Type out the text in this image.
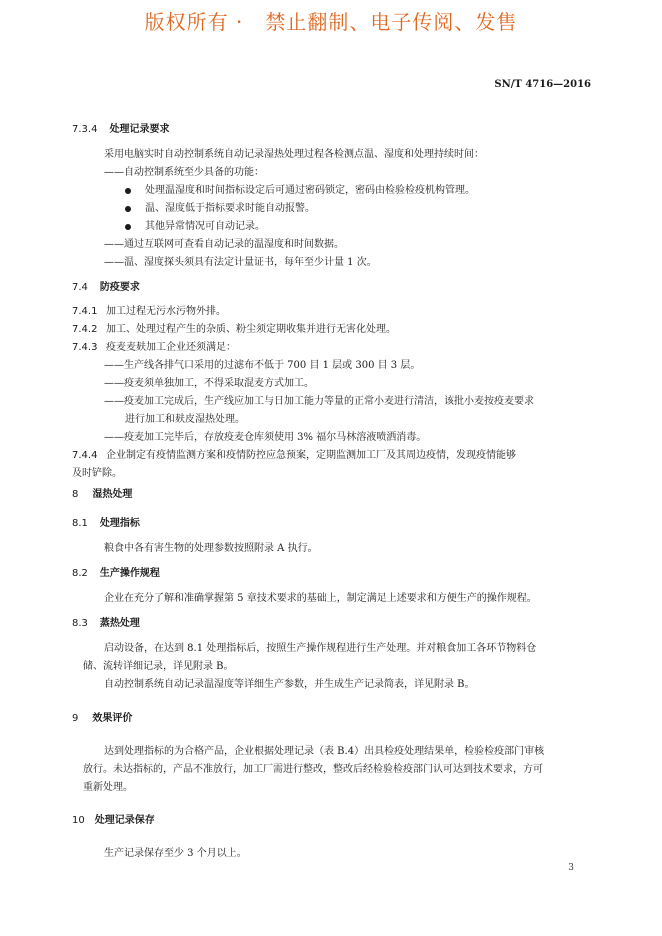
版权所有 ·   禁止翻制、电子传阅、发售
SN/T 4716—2016
7.3.4 处理记录要求
采用电脑实时自动控制系统自动记录湿热处理过程各检测点温、湿度和处理持续时间：
——自动控制系统至少具备的功能：
处理温湿度和时间指标设定后可通过密码锁定，密码由检验检疫机构管理。
温、湿度低于指标要求时能自动报警。
其他异常情况可自动记录。
——通过互联网可查看自动记录的温湿度和时间数据。
——温、湿度探头须具有法定计量证书，每年至少计量 1 次。
7.4 防疫要求
7.4.1 加工过程无污水污物外排。
7.4.2 加工、处理过程产生的杂质、粉尘须定期收集并进行无害化处理。
7.4.3 疫麦麦麸加工企业还须满足：
——生产线各排气口采用的过滤布不低于 700 目 1 层或 300 目 3 层。
——疫麦须单独加工，不得采取混麦方式加工。
——疫麦加工完成后，生产线应加工与日加工能力等量的正常小麦进行清洁，该批小麦按疫麦要求
进行加工和麸皮湿热处理。
——疫麦加工完毕后，存放疫麦仓库须使用 3% 福尔马林溶液喷洒消毒。
7.4.4 企业制定有疫情监测方案和疫情防控应急预案，定期监测加工厂及其周边疫情，发现疫情能够
及时铲除。
8 湿热处理
8.1 处理指标
粮食中各有害生物的处理参数按照附录 A 执行。
8.2 生产操作规程
企业在充分了解和准确掌握第 5 章技术要求的基础上，制定满足上述要求和方便生产的操作规程。
8.3 蒸热处理
启动设备，在达到 8.1 处理指标后，按照生产操作规程进行生产处理。并对粮食加工各环节物料仓
储、流转详细记录，详见附录 B。
自动控制系统自动记录温湿度等详细生产参数，并生成生产记录简表，详见附录 B。
9 效果评价
达到处理指标的为合格产品，企业根据处理记录（表 B.4）出具检疫处理结果单，检验检疫部门审核
放行。未达指标的，产品不准放行，加工厂需进行整改，整改后经检验检疫部门认可达到技术要求，方可
重新处理。
10 处理记录保存
生产记录保存至少 3 个月以上。
3
